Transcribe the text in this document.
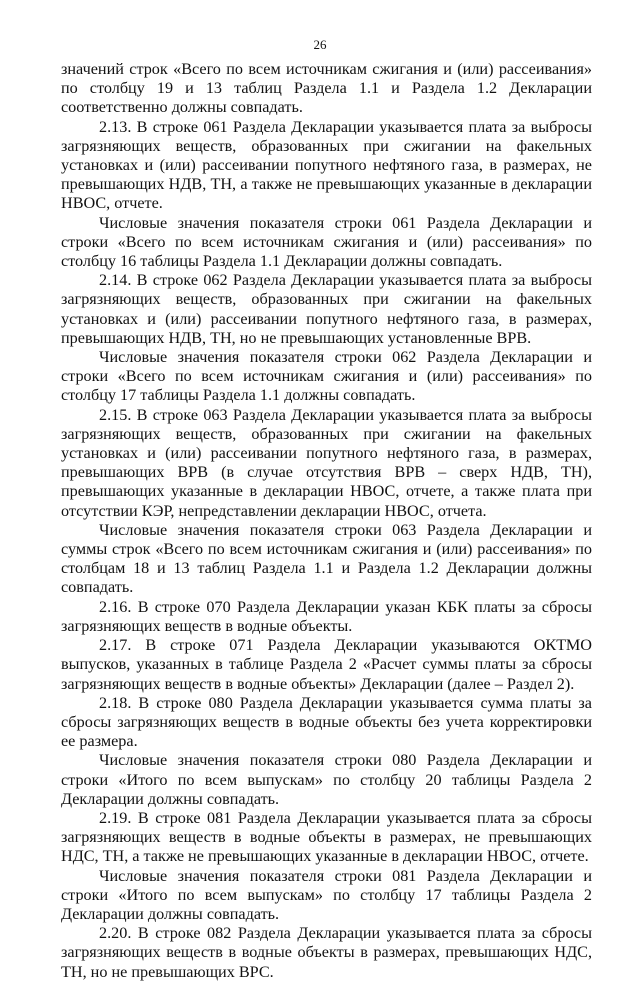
26

значений строк «Всего по всем источникам сжигания и (или) рассеивания» по столбцу 19 и 13 таблиц Раздела 1.1 и Раздела 1.2 Декларации соответственно должны совпадать.

2.13. В строке 061 Раздела Декларации указывается плата за выбросы загрязняющих веществ, образованных при сжигании на факельных установках и (или) рассеивании попутного нефтяного газа, в размерах, не превышающих НДВ, ТН, а также не превышающих указанные в декларации НВОС, отчете.

Числовые значения показателя строки 061 Раздела Декларации и строки «Всего по всем источникам сжигания и (или) рассеивания» по столбцу 16 таблицы Раздела 1.1 Декларации должны совпадать.

2.14. В строке 062 Раздела Декларации указывается плата за выбросы загрязняющих веществ, образованных при сжигании на факельных установках и (или) рассеивании попутного нефтяного газа, в размерах, превышающих НДВ, ТН, но не превышающих установленные ВРВ.

Числовые значения показателя строки 062 Раздела Декларации и строки «Всего по всем источникам сжигания и (или) рассеивания» по столбцу 17 таблицы Раздела 1.1 должны совпадать.

2.15. В строке 063 Раздела Декларации указывается плата за выбросы загрязняющих веществ, образованных при сжигании на факельных установках и (или) рассеивании попутного нефтяного газа, в размерах, превышающих ВРВ (в случае отсутствия ВРВ – сверх НДВ, ТН), превышающих указанные в декларации НВОС, отчете, а также плата при отсутствии КЭР, непредставлении декларации НВОС, отчета.

Числовые значения показателя строки 063 Раздела Декларации и суммы строк «Всего по всем источникам сжигания и (или) рассеивания» по столбцам 18 и 13 таблиц Раздела 1.1 и Раздела 1.2 Декларации должны совпадать.

2.16. В строке 070 Раздела Декларации указан КБК платы за сбросы загрязняющих веществ в водные объекты.

2.17. В строке 071 Раздела Декларации указываются ОКТМО выпусков, указанных в таблице Раздела 2 «Расчет суммы платы за сбросы загрязняющих веществ в водные объекты» Декларации (далее – Раздел 2).

2.18. В строке 080 Раздела Декларации указывается сумма платы за сбросы загрязняющих веществ в водные объекты без учета корректировки ее размера.

Числовые значения показателя строки 080 Раздела Декларации и строки «Итого по всем выпускам» по столбцу 20 таблицы Раздела 2 Декларации должны совпадать.

2.19. В строке 081 Раздела Декларации указывается плата за сбросы загрязняющих веществ в водные объекты в размерах, не превышающих НДС, ТН, а также не превышающих указанные в декларации НВОС, отчете.

Числовые значения показателя строки 081 Раздела Декларации и строки «Итого по всем выпускам» по столбцу 17 таблицы Раздела 2 Декларации должны совпадать.

2.20. В строке 082 Раздела Декларации указывается плата за сбросы загрязняющих веществ в водные объекты в размерах, превышающих НДС, ТН, но не превышающих ВРС.
